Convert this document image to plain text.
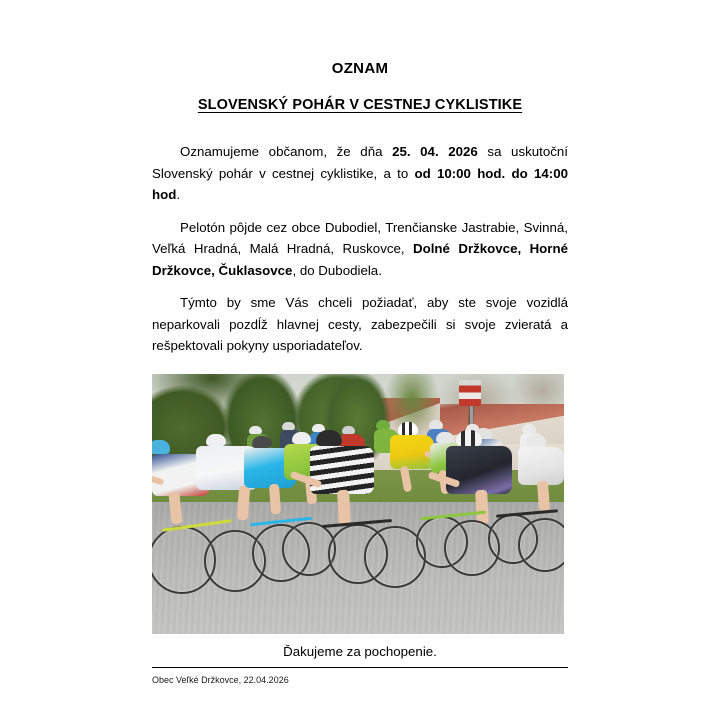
OZNAM
SLOVENSKÝ POHÁR V CESTNEJ CYKLISTIKE

Oznamujeme občanom, že dňa 25. 04. 2026 sa uskutoční Slovenský pohár v cestnej cyklistike, a to od 10:00 hod. do 14:00 hod.

Pelotón pôjde cez obce Dubodiel, Trenčianske Jastrabie, Svinná, Veľká Hradná, Malá Hradná, Ruskovce, Dolné Držkovce, Horné Držkovce, Čuklasovce, do Dubodiela.

Týmto by sme Vás chceli požiadať, aby ste svoje vozidlá neparkovali pozdĺž hlavnej cesty, zabezpečili si svoje zvieratá a rešpektovali pokyny usporiadateľov.

Ďakujeme za pochopenie.

Obec Veľké Držkovce, 22.04.2026
